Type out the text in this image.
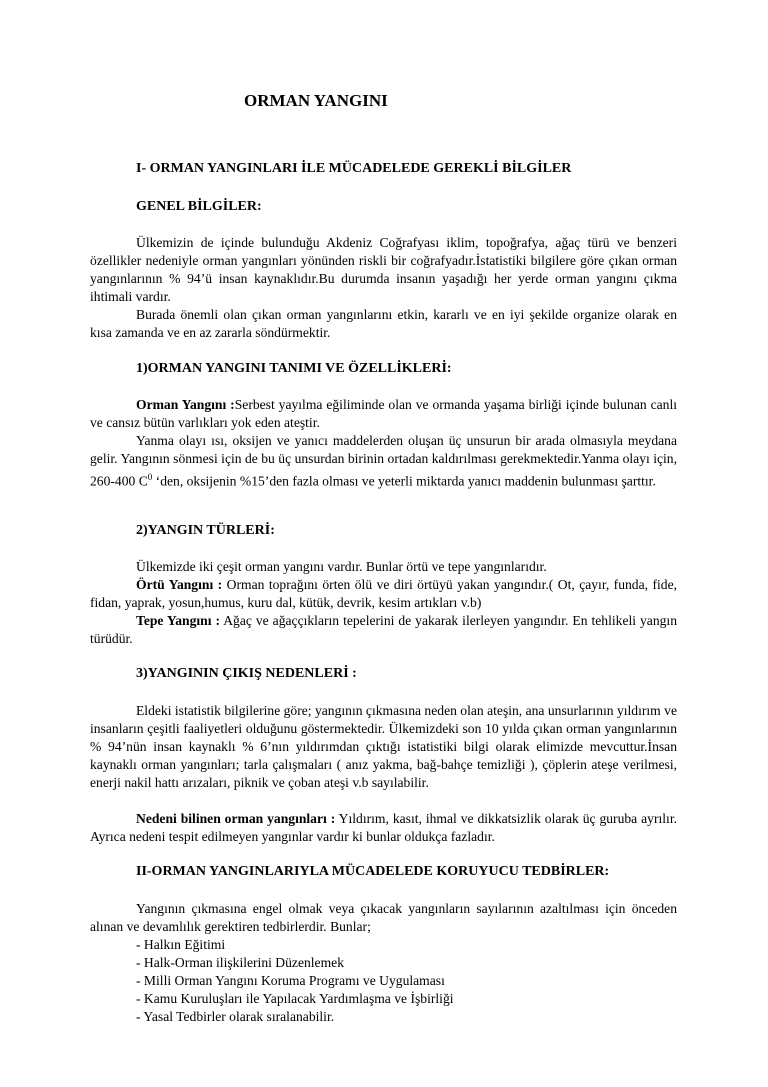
ORMAN YANGINI
I- ORMAN YANGINLARI İLE MÜCADELEDE GEREKLİ BİLGİLER
GENEL BİLGİLER:

Ülkemizin de içinde bulunduğu Akdeniz Coğrafyası iklim, topoğrafya, ağaç türü ve benzeri özellikler nedeniyle orman yangınları yönünden riskli bir coğrafyadır.İstatistiki bilgilere göre çıkan orman yangınlarının % 94’ü insan kaynaklıdır.Bu durumda insanın yaşadığı her yerde orman yangını çıkma ihtimali vardır.

Burada önemli olan çıkan orman yangınlarını etkin, kararlı ve en iyi şekilde organize olarak en kısa zamanda ve en az zararla söndürmektir.

1)ORMAN YANGINI TANIMI VE ÖZELLİKLERİ:

Orman Yangını :Serbest yayılma eğiliminde olan ve ormanda yaşama birliği içinde bulunan canlı ve cansız bütün varlıkları yok eden ateştir.

Yanma olayı ısı, oksijen ve yanıcı maddelerden oluşan üç unsurun bir arada olmasıyla meydana gelir. Yangının sönmesi için de bu üç unsurdan birinin ortadan kaldırılması gerekmektedir.Yanma olayı için, 260-400 $C^0$ ‘den, oksijenin %15’den fazla olması ve yeterli miktarda yanıcı maddenin bulunması şarttır.

2)YANGIN TÜRLERİ:

Ülkemizde iki çeşit orman yangını vardır. Bunlar örtü ve tepe yangınlarıdır.

Örtü Yangını : Orman toprağını örten ölü ve diri örtüyü yakan yangındır.( Ot, çayır, funda, fide, fidan, yaprak, yosun,humus, kuru dal, kütük, devrik, kesim artıkları v.b)

Tepe Yangını : Ağaç ve ağaççıkların tepelerini de yakarak ilerleyen yangındır. En tehlikeli yangın türüdür.

3)YANGININ ÇIKIŞ NEDENLERİ :

Eldeki istatistik bilgilerine göre; yangının çıkmasına neden olan ateşin, ana unsurlarının yıldırım ve insanların çeşitli faaliyetleri olduğunu göstermektedir. Ülkemizdeki son 10 yılda çıkan orman yangınlarının % 94’nün insan kaynaklı % 6’nın yıldırımdan çıktığı istatistiki bilgi olarak elimizde mevcuttur.İnsan kaynaklı orman yangınları; tarla çalışmaları ( anız yakma, bağ-bahçe temizliği ), çöplerin ateşe verilmesi, enerji nakil hattı arızaları, piknik ve çoban ateşi v.b sayılabilir.

Nedeni bilinen orman yangınları : Yıldırım, kasıt, ihmal ve dikkatsizlik olarak üç guruba ayrılır. Ayrıca nedeni tespit edilmeyen yangınlar vardır ki bunlar oldukça fazladır.

II-ORMAN YANGINLARIYLA MÜCADELEDE KORUYUCU TEDBİRLER:

Yangının çıkmasına engel olmak veya çıkacak yangınların sayılarının azaltılması için önceden alınan ve devamlılık gerektiren tedbirlerdir. Bunlar;

- Halkın Eğitimi
- Halk-Orman ilişkilerini Düzenlemek
- Milli Orman Yangını Koruma Programı ve Uygulaması
- Kamu Kuruluşları ile Yapılacak Yardımlaşma ve İşbirliği
- Yasal Tedbirler olarak sıralanabilir.
